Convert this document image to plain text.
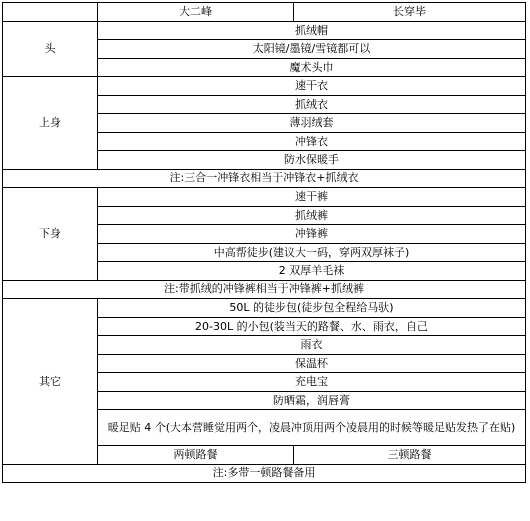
	大二峰	长穿毕
头	抓绒帽	
	太阳镜/墨镜/雪镜都可以	
	魔术头巾	
上身	速干衣	
	抓绒衣	
	薄羽绒套	
	冲锋衣	
	防水保暖手	
注:三合一冲锋衣相当于冲锋衣+抓绒衣		
下身	速干裤	
	抓绒裤	
	冲锋裤	
	中高帮徒步(建议大一码，穿两双厚袜子)	
	2 双厚羊毛袜	
注:带抓绒的冲锋裤相当于冲锋裤+抓绒裤		
其它	50L 的徒步包(徒步包全程给马驮)	
	20-30L 的小包(装当天的路餐、水、雨衣，自己	
	雨衣	
	保温杯	
	充电宝	
	防晒霜，润唇膏	
	暖足贴 4 个(大本营睡觉用两个，凌晨冲顶用两个凌晨用的时候等暖足贴发热了在贴)	
	两顿路餐	三顿路餐
注:多带一顿路餐备用		
